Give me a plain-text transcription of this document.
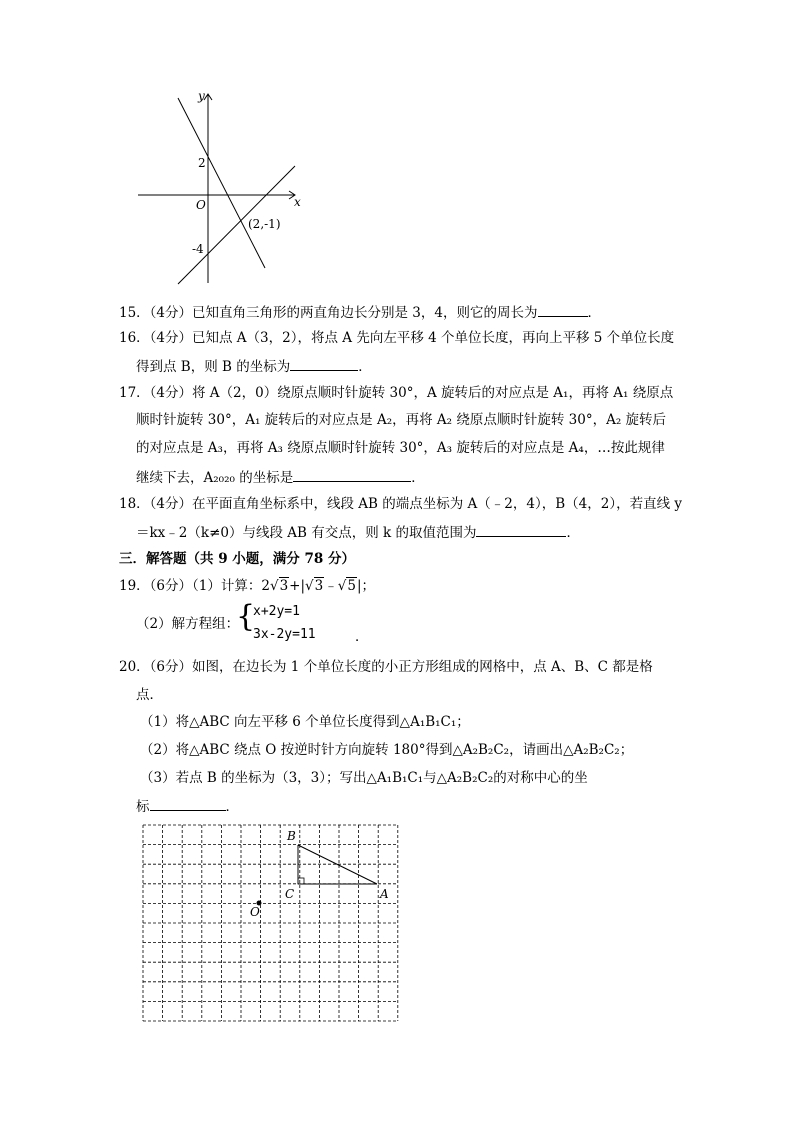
y
x
O
2
-4
(2,-1)
15．（4分）已知直角三角形的两直角边长分别是 3，4，则它的周长为	．
16．（4分）已知点 A（3，2），将点 A 先向左平移 4 个单位长度，再向上平移 5 个单位长度
得到点 B，则 B 的坐标为	．
17．（4分）将 A（2，0）绕原点顺时针旋转 30°，A 旋转后的对应点是 A₁，再将 A₁ 绕原点
顺时针旋转 30°，A₁ 旋转后的对应点是 A₂，再将 A₂ 绕原点顺时针旋转 30°，A₂ 旋转后
的对应点是 A₃，再将 A₃ 绕原点顺时针旋转 30°，A₃ 旋转后的对应点是 A₄，…按此规律
继续下去，A₂₀₂₀ 的坐标是	．
18．（4分）在平面直角坐标系中，线段 AB 的端点坐标为 A（﹣2，4），B（4，2），若直线 y
＝kx﹣2（k≠0）与线段 AB 有交点，则 k 的取值范围为	．
三．解答题（共 9 小题，满分 78 分）
19．（6分）（1）计算：2√3+|√3﹣√5|；
（2）解方程组：
{
x+2y=1
3x-2y=11	．
20．（6分）如图，在边长为 1 个单位长度的小正方形组成的网格中，点 A、B、C 都是格
点．
（1）将△ABC 向左平移 6 个单位长度得到△A₁B₁C₁；
（2）将△ABC 绕点 O 按逆时针方向旋转 180°得到△A₂B₂C₂，请画出△A₂B₂C₂；
（3）若点 B 的坐标为（3，3）；写出△A₁B₁C₁与△A₂B₂C₂的对称中心的坐
标	．
B
C	A
O
